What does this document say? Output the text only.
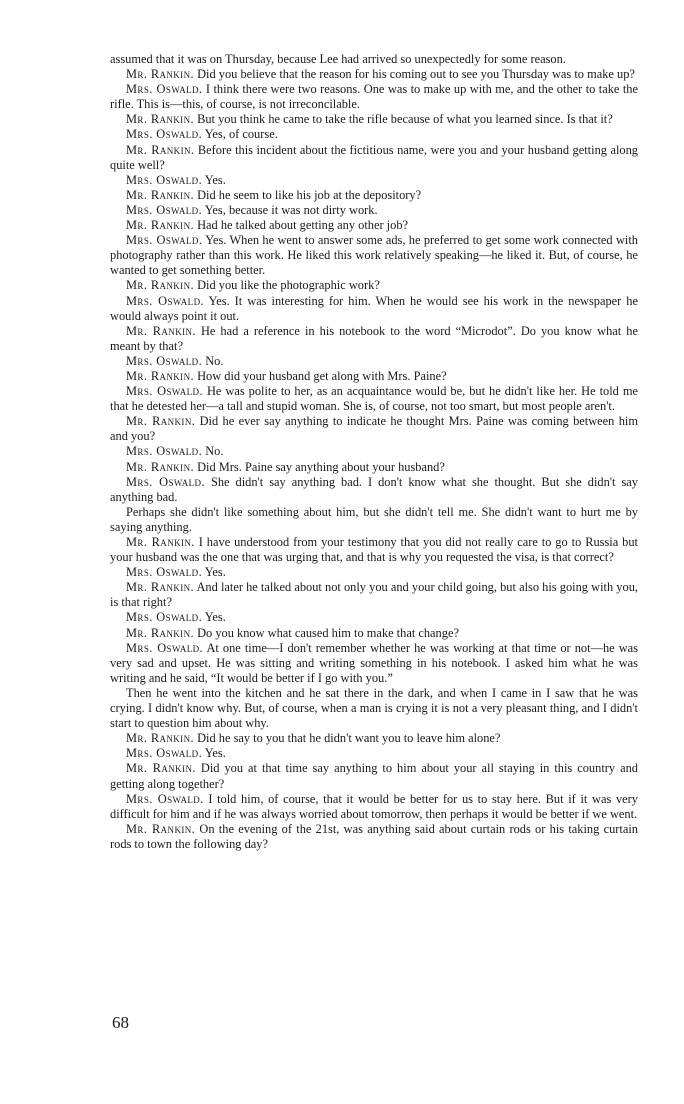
assumed that it was on Thursday, because Lee had arrived so unexpectedly for some reason.

Mr. Rankin. Did you believe that the reason for his coming out to see you Thursday was to make up?

Mrs. Oswald. I think there were two reasons. One was to make up with me, and the other to take the rifle. This is—this, of course, is not irreconcilable.

Mr. Rankin. But you think he came to take the rifle because of what you learned since. Is that it?

Mrs. Oswald. Yes, of course.

Mr. Rankin. Before this incident about the fictitious name, were you and your husband getting along quite well?

Mrs. Oswald. Yes.

Mr. Rankin. Did he seem to like his job at the depository?

Mrs. Oswald. Yes, because it was not dirty work.

Mr. Rankin. Had he talked about getting any other job?

Mrs. Oswald. Yes. When he went to answer some ads, he preferred to get some work connected with photography rather than this work. He liked this work relatively speaking—he liked it. But, of course, he wanted to get something better.

Mr. Rankin. Did you like the photographic work?

Mrs. Oswald. Yes. It was interesting for him. When he would see his work in the newspaper he would always point it out.

Mr. Rankin. He had a reference in his notebook to the word “Microdot”. Do you know what he meant by that?

Mrs. Oswald. No.

Mr. Rankin. How did your husband get along with Mrs. Paine?

Mrs. Oswald. He was polite to her, as an acquaintance would be, but he didn't like her. He told me that he detested her—a tall and stupid woman. She is, of course, not too smart, but most people aren't.

Mr. Rankin. Did he ever say anything to indicate he thought Mrs. Paine was coming between him and you?

Mrs. Oswald. No.

Mr. Rankin. Did Mrs. Paine say anything about your husband?

Mrs. Oswald. She didn't say anything bad. I don't know what she thought. But she didn't say anything bad.

Perhaps she didn't like something about him, but she didn't tell me. She didn't want to hurt me by saying anything.

Mr. Rankin. I have understood from your testimony that you did not really care to go to Russia but your husband was the one that was urging that, and that is why you requested the visa, is that correct?

Mrs. Oswald. Yes.

Mr. Rankin. And later he talked about not only you and your child going, but also his going with you, is that right?

Mrs. Oswald. Yes.

Mr. Rankin. Do you know what caused him to make that change?

Mrs. Oswald. At one time—I don't remember whether he was working at that time or not—he was very sad and upset. He was sitting and writing something in his notebook. I asked him what he was writing and he said, “It would be better if I go with you.”

Then he went into the kitchen and he sat there in the dark, and when I came in I saw that he was crying. I didn't know why. But, of course, when a man is crying it is not a very pleasant thing, and I didn't start to question him about why.

Mr. Rankin. Did he say to you that he didn't want you to leave him alone?

Mrs. Oswald. Yes.

Mr. Rankin. Did you at that time say anything to him about your all staying in this country and getting along together?

Mrs. Oswald. I told him, of course, that it would be better for us to stay here. But if it was very difficult for him and if he was always worried about tomorrow, then perhaps it would be better if we went.

Mr. Rankin. On the evening of the 21st, was anything said about curtain rods or his taking curtain rods to town the following day?

68
